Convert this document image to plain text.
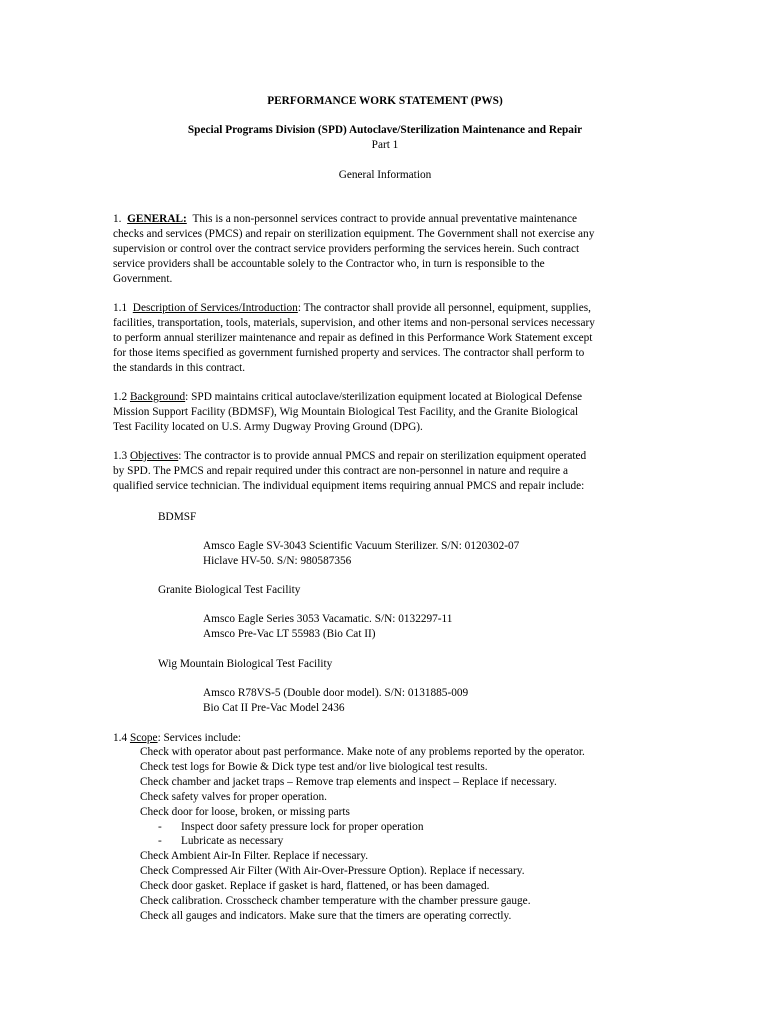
PERFORMANCE WORK STATEMENT (PWS)
Special Programs Division (SPD) Autoclave/Sterilization Maintenance and Repair
Part 1
General Information
1. GENERAL: This is a non-personnel services contract to provide annual preventative maintenance
checks and services (PMCS) and repair on sterilization equipment. The Government shall not exercise any
supervision or control over the contract service providers performing the services herein. Such contract
service providers shall be accountable solely to the Contractor who, in turn is responsible to the
Government.
1.1 Description of Services/Introduction: The contractor shall provide all personnel, equipment, supplies,
facilities, transportation, tools, materials, supervision, and other items and non-personal services necessary
to perform annual sterilizer maintenance and repair as defined in this Performance Work Statement except
for those items specified as government furnished property and services. The contractor shall perform to
the standards in this contract.
1.2 Background: SPD maintains critical autoclave/sterilization equipment located at Biological Defense
Mission Support Facility (BDMSF), Wig Mountain Biological Test Facility, and the Granite Biological
Test Facility located on U.S. Army Dugway Proving Ground (DPG).
1.3 Objectives: The contractor is to provide annual PMCS and repair on sterilization equipment operated
by SPD. The PMCS and repair required under this contract are non-personnel in nature and require a
qualified service technician. The individual equipment items requiring annual PMCS and repair include:
BDMSF
Amsco Eagle SV-3043 Scientific Vacuum Sterilizer. S/N: 0120302-07
Hiclave HV-50. S/N: 980587356
Granite Biological Test Facility
Amsco Eagle Series 3053 Vacamatic. S/N: 0132297-11
Amsco Pre-Vac LT 55983 (Bio Cat II)
Wig Mountain Biological Test Facility
Amsco R78VS-5 (Double door model). S/N: 0131885-009
Bio Cat II Pre-Vac Model 2436
1.4 Scope: Services include:
Check with operator about past performance. Make note of any problems reported by the operator.
Check test logs for Bowie & Dick type test and/or live biological test results.
Check chamber and jacket traps – Remove trap elements and inspect – Replace if necessary.
Check safety valves for proper operation.
Check door for loose, broken, or missing parts
- Inspect door safety pressure lock for proper operation
- Lubricate as necessary
Check Ambient Air-In Filter. Replace if necessary.
Check Compressed Air Filter (With Air-Over-Pressure Option). Replace if necessary.
Check door gasket. Replace if gasket is hard, flattened, or has been damaged.
Check calibration. Crosscheck chamber temperature with the chamber pressure gauge.
Check all gauges and indicators. Make sure that the timers are operating correctly.
